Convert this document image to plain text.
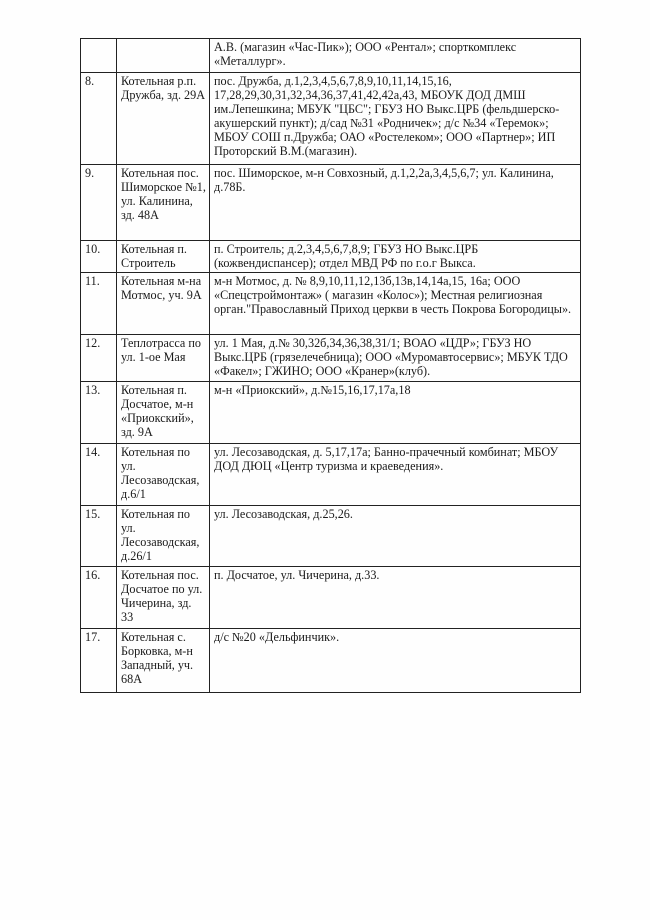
		А.В. (магазин «Час-Пик»); ООО «Рентал»; спорткомплекс «Металлург».
8.	Котельная р.п. Дружба, зд. 29А	пос. Дружба, д.1,2,3,4,5,6,7,8,9,10,11,14,15,16, 17,28,29,30,31,32,34,36,37,41,42,42а,43, МБОУК ДОД ДМШ им.Лепешкина; МБУК "ЦБС"; ГБУЗ НО Выкс.ЦРБ (фельдшерско-акушерский пункт); д/сад №31 «Родничек»; д/с №34 «Теремок»; МБОУ СОШ п.Дружба; ОАО «Ростелеком»; ООО «Партнер»; ИП Проторский В.М.(магазин).
9.	Котельная пос. Шиморское №1, ул. Калинина, зд. 48А	пос. Шиморское, м-н Совхозный, д.1,2,2а,3,4,5,6,7; ул. Калинина, д.78Б.
10.	Котельная п. Строитель	п. Строитель; д.2,3,4,5,6,7,8,9; ГБУЗ НО Выкс.ЦРБ (кожвендиспансер); отдел МВД РФ по г.о.г Выкса.
11.	Котельная м-на Мотмос, уч. 9А	м-н Мотмос, д. № 8,9,10,11,12,13б,13в,14,14а,15, 16а; ООО «Спецстроймонтаж» ( магазин «Колос»); Местная религиозная орган."Православный Приход церкви в честь Покрова Богородицы».
12.	Теплотрасса по ул. 1-ое Мая	ул. 1 Мая, д.№ 30,32б,34,36,38,31/1; ВОАО «ЦДР»; ГБУЗ НО Выкс.ЦРБ (грязелечебница); ООО «Муромавтосервис»; МБУК ТДО «Факел»; ГЖИНО; ООО «Кранер»(клуб).
13.	Котельная п. Досчатое, м-н «Приокский», зд. 9А	м-н «Приокский», д.№15,16,17,17а,18
14.	Котельная по ул. Лесозаводская, д.6/1	ул. Лесозаводская, д. 5,17,17а; Банно-прачечный комбинат; МБОУ ДОД ДЮЦ «Центр туризма и краеведения».
15.	Котельная по ул. Лесозаводская, д.26/1	ул. Лесозаводская, д.25,26.
16.	Котельная пос. Досчатое по ул. Чичерина, зд. 33	п. Досчатое, ул. Чичерина, д.33.
17.	Котельная с. Борковка, м-н Западный, уч. 68А	д/с №20 «Дельфинчик».
